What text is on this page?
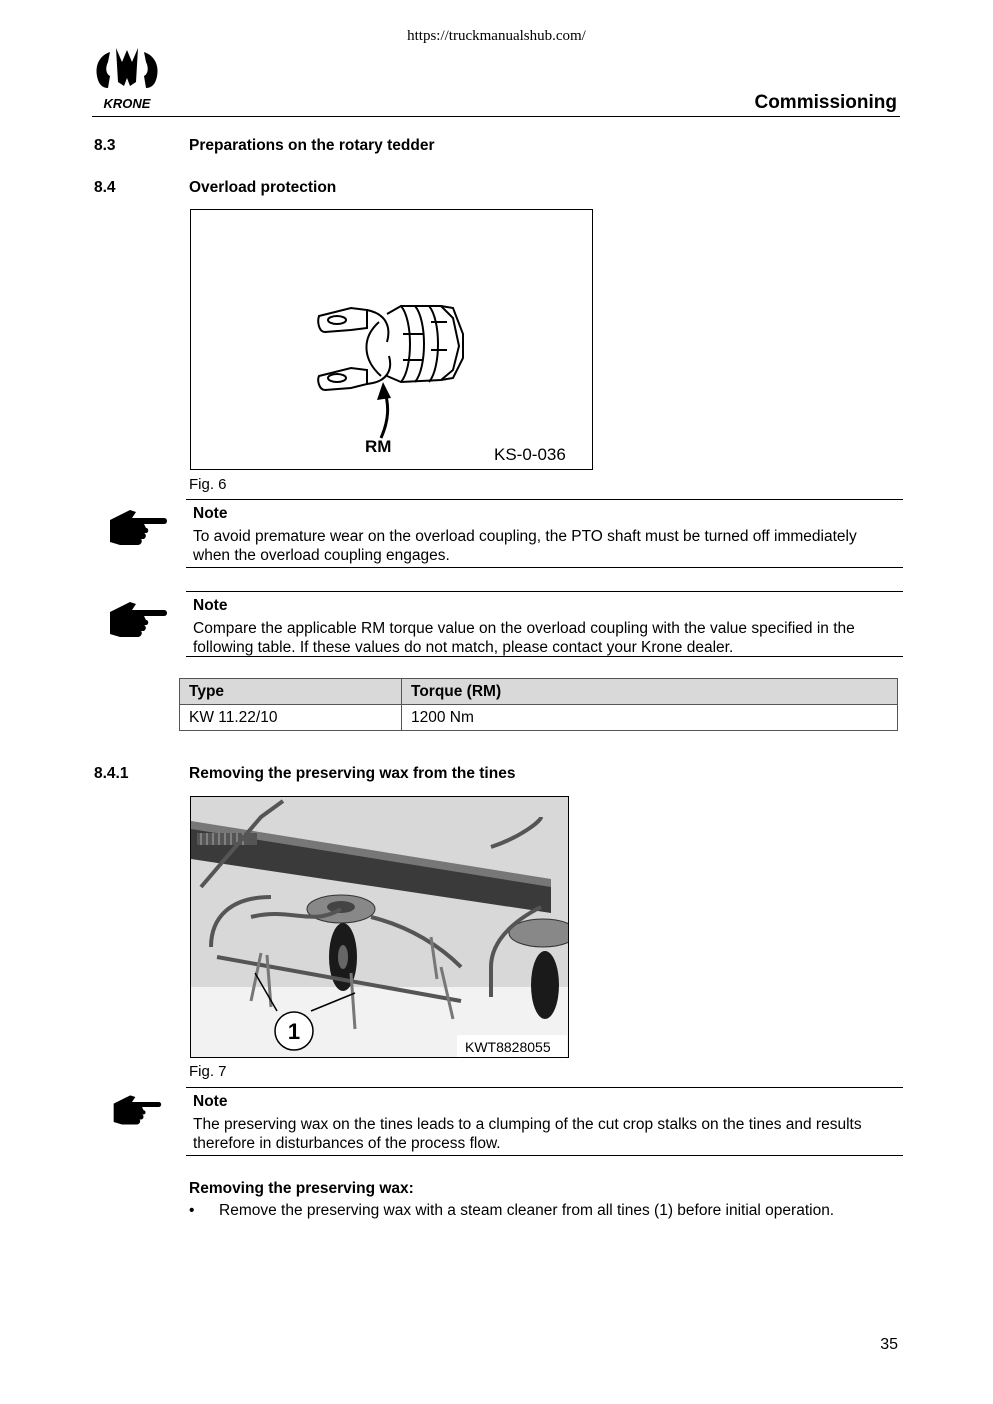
https://truckmanualshub.com/
KRONE	Commissioning
8.3	Preparations on the rotary tedder
8.4	Overload protection
RM	KS-0-036
Fig. 6
Note
To avoid premature wear on the overload coupling, the PTO shaft must be turned off immediately when the overload coupling engages.
Note
Compare the applicable RM torque value on the overload coupling with the value specified in the following table. If these values do not match, please contact your Krone dealer.
Type	Torque (RM)
KW 11.22/10	1200 Nm
8.4.1	Removing the preserving wax from the tines
1
KWT8828055
Fig. 7
Note
The preserving wax on the tines leads to a clumping of the cut crop stalks on the tines and results therefore in disturbances of the process flow.
Removing the preserving wax:
• Remove the preserving wax with a steam cleaner from all tines (1) before initial operation.
35
